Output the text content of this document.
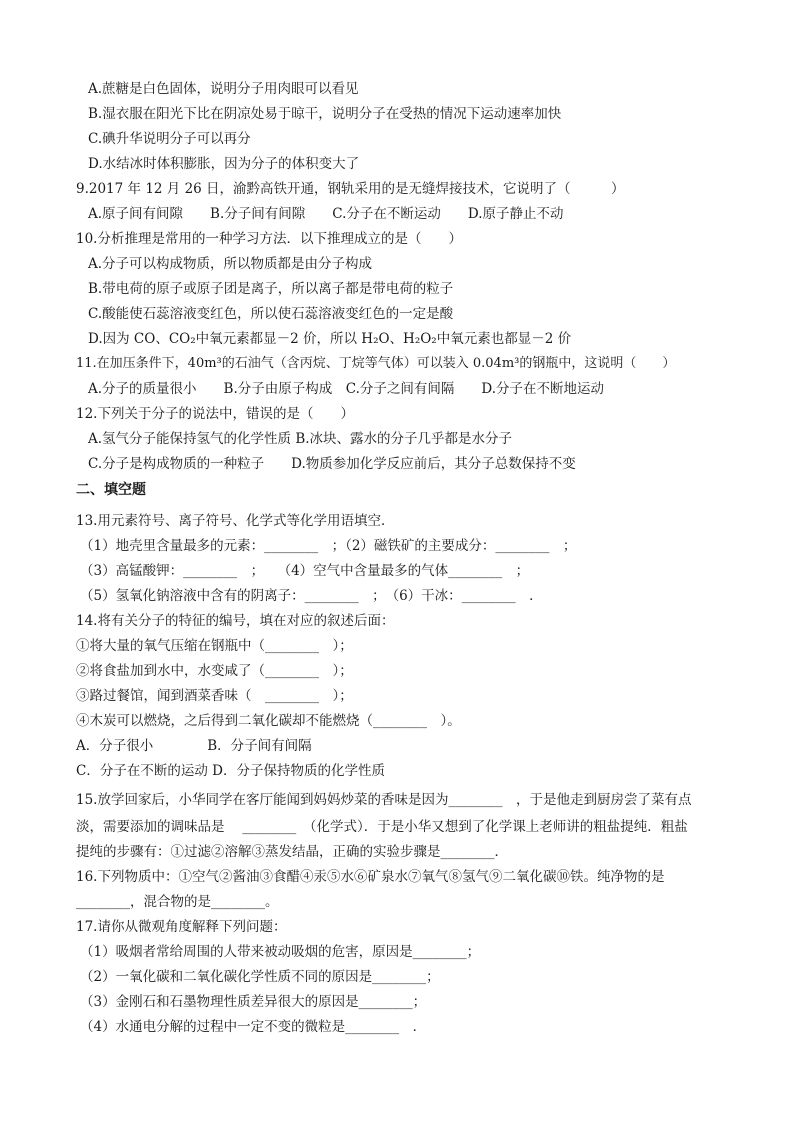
A.蔗糖是白色固体，说明分子用肉眼可以看见
B.湿衣服在阳光下比在阴凉处易于晾干，说明分子在受热的情况下运动速率加快
C.碘升华说明分子可以再分
D.水结冰时体积膨胀，因为分子的体积变大了
9.2017 年 12 月 26 日，渝黔高铁开通，钢轨采用的是无缝焊接技术，它说明了（　　　）
A.原子间有间隙　　B.分子间有间隙　　C.分子在不断运动　　D.原子静止不动
10.分析推理是常用的一种学习方法．以下推理成立的是（　　）
A.分子可以构成物质，所以物质都是由分子构成
B.带电荷的原子或原子团是离子，所以离子都是带电荷的粒子
C.酸能使石蕊溶液变红色，所以使石蕊溶液变红色的一定是酸
D.因为 CO、CO₂中氧元素都显－2 价，所以 H₂O、H₂O₂中氧元素也都显－2 价
11.在加压条件下，40m³的石油气（含丙烷、丁烷等气体）可以装入 0.04m³的钢瓶中，这说明（　　）
A.分子的质量很小　　B.分子由原子构成　C.分子之间有间隔　　D.分子在不断地运动
12.下列关于分子的说法中，错误的是（　　）
A.氢气分子能保持氢气的化学性质 B.冰块、露水的分子几乎都是水分子
C.分子是构成物质的一种粒子　　D.物质参加化学反应前后，其分子总数保持不变
二、填空题
13.用元素符号、离子符号、化学式等化学用语填空．
（1）地壳里含量最多的元素：________　；（2）磁铁矿的主要成分：________　；
（3）高锰酸钾：________　；　　（4）空气中含量最多的气体________　；
（5）氢氧化钠溶液中含有的阴离子：________　；　（6）干冰：________　．
14.将有关分子的特征的编号，填在对应的叙述后面：
①将大量的氧气压缩在钢瓶中（________　）；
②将食盐加到水中，水变咸了（________　）；
③路过餐馆，闻到酒菜香味（　________　）；
④木炭可以燃烧，之后得到二氧化碳却不能燃烧（________　）。
A．分子很小　　　　B．分子间有间隔
C．分子在不断的运动 D．分子保持物质的化学性质
15.放学回家后，小华同学在客厅能闻到妈妈炒菜的香味是因为________　，于是他走到厨房尝了菜有点
淡，需要添加的调味品是　 ________　（化学式）．于是小华又想到了化学课上老师讲的粗盐提纯．粗盐
提纯的步骤有：①过滤②溶解③蒸发结晶，正确的实验步骤是________．
16.下列物质中：①空气②酱油③食醋④汞⑤水⑥矿泉水⑦氧气⑧氢气⑨二氧化碳⑩铁。纯净物的是
________，混合物的是________。
17.请你从微观角度解释下列问题：
（1）吸烟者常给周围的人带来被动吸烟的危害，原因是________；
（2）一氧化碳和二氧化碳化学性质不同的原因是________；
（3）金刚石和石墨物理性质差异很大的原因是________；
（4）水通电分解的过程中一定不变的微粒是________　．
